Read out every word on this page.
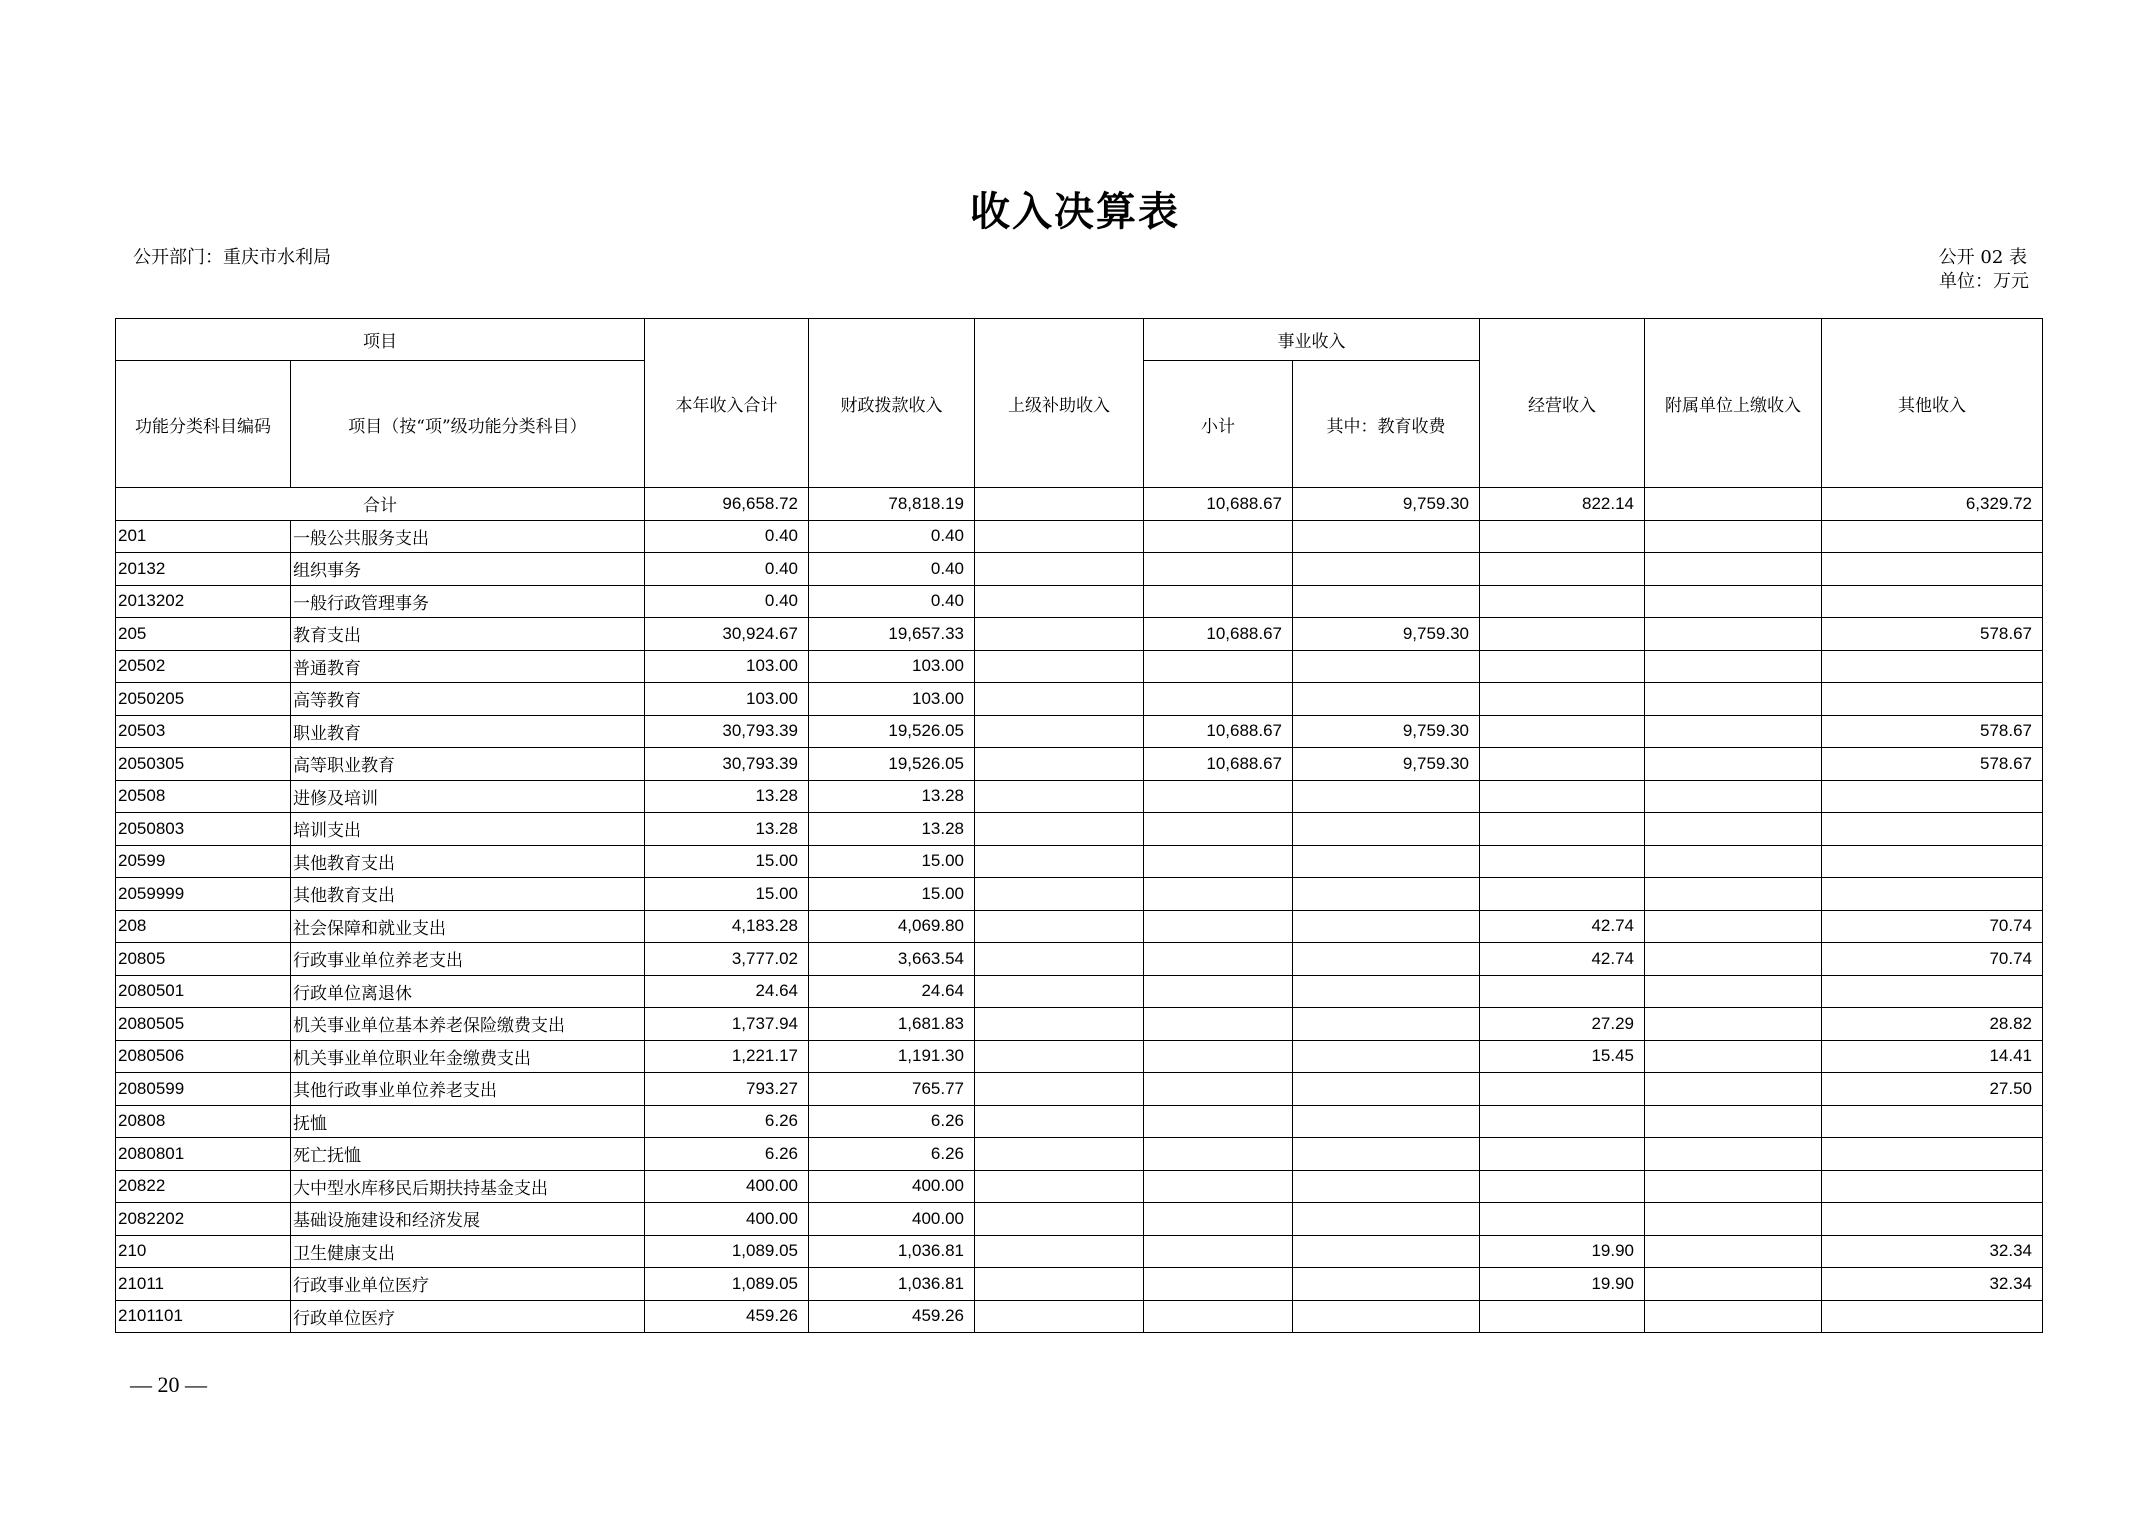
收入决算表
公开部门：重庆市水利局	公开 02 表
单位：万元
项目		本年收入合计	财政拨款收入	上级补助收入	事业收入		经营收入	附属单位上缴收入	其他收入
功能分类科目编码	项目（按“项”级功能分类科目）				小计	其中：教育收费			
合计		96,658.72	78,818.19		10,688.67	9,759.30	822.14		6,329.72
201	一般公共服务支出	0.40	0.40						
20132	组织事务	0.40	0.40						
2013202	一般行政管理事务	0.40	0.40						
205	教育支出	30,924.67	19,657.33		10,688.67	9,759.30			578.67
20502	普通教育	103.00	103.00						
2050205	高等教育	103.00	103.00						
20503	职业教育	30,793.39	19,526.05		10,688.67	9,759.30			578.67
2050305	高等职业教育	30,793.39	19,526.05		10,688.67	9,759.30			578.67
20508	进修及培训	13.28	13.28						
2050803	培训支出	13.28	13.28						
20599	其他教育支出	15.00	15.00						
2059999	其他教育支出	15.00	15.00						
208	社会保障和就业支出	4,183.28	4,069.80				42.74		70.74
20805	行政事业单位养老支出	3,777.02	3,663.54				42.74		70.74
2080501	行政单位离退休	24.64	24.64						
2080505	机关事业单位基本养老保险缴费支出	1,737.94	1,681.83				27.29		28.82
2080506	机关事业单位职业年金缴费支出	1,221.17	1,191.30				15.45		14.41
2080599	其他行政事业单位养老支出	793.27	765.77						27.50
20808	抚恤	6.26	6.26						
2080801	死亡抚恤	6.26	6.26						
20822	大中型水库移民后期扶持基金支出	400.00	400.00						
2082202	基础设施建设和经济发展	400.00	400.00						
210	卫生健康支出	1,089.05	1,036.81				19.90		32.34
21011	行政事业单位医疗	1,089.05	1,036.81				19.90		32.34
2101101	行政单位医疗	459.26	459.26						
— 20 —
